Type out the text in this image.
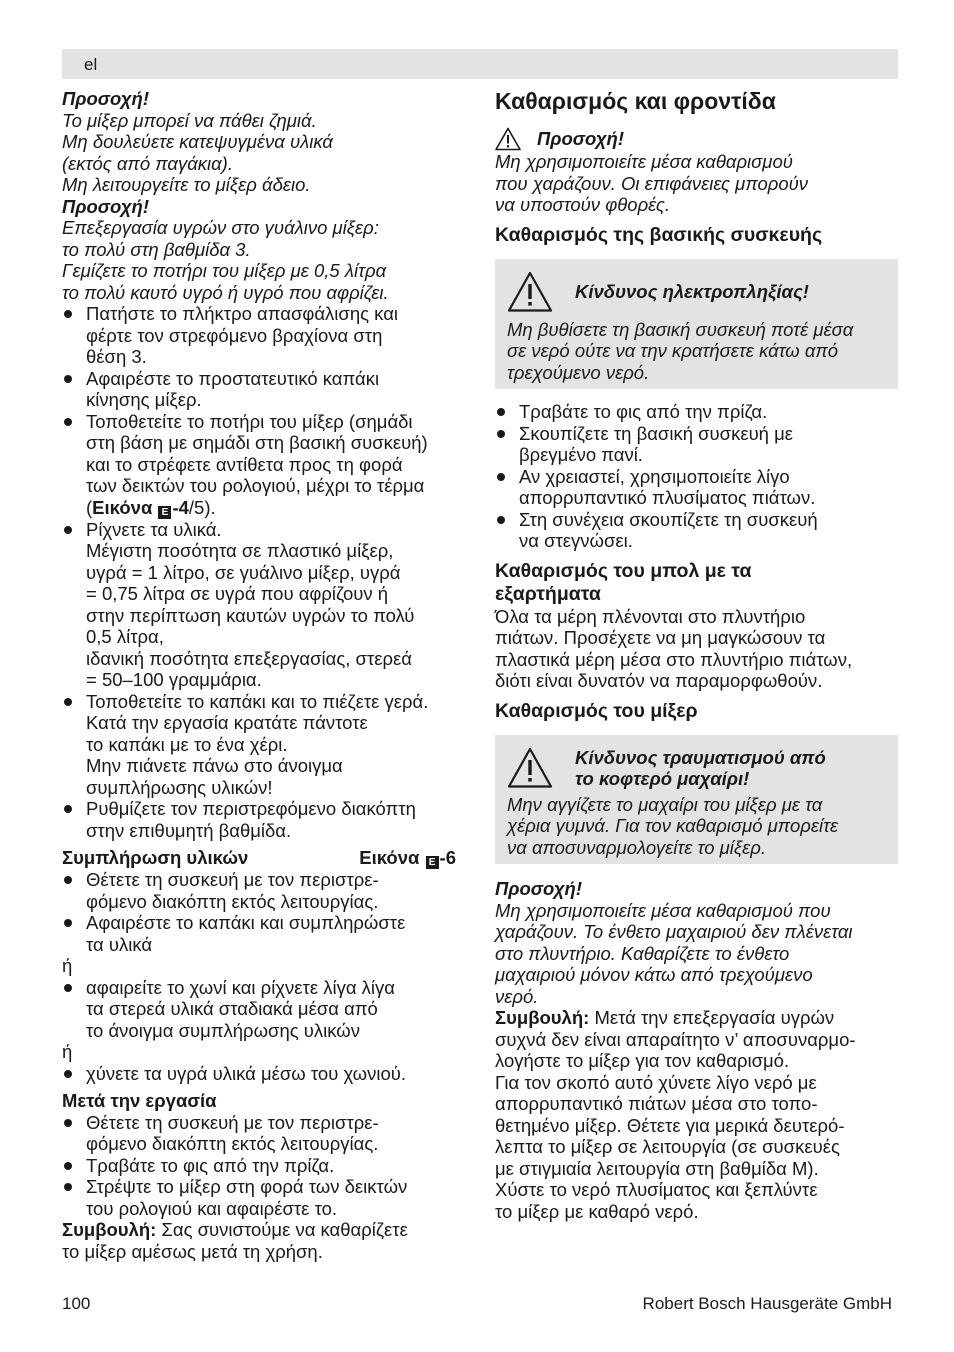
el

Προσοχή!

Το μίξερ μπορεί να πάθει ζημιά.
Μη δουλεύετε κατεψυγμένα υλικά
(εκτός από παγάκια).
Μη λειτουργείτε το μίξερ άδειο.

Προσοχή!

Επεξεργασία υγρών στο γυάλινο μίξερ:
το πολύ στη βαθμίδα 3.
Γεμίζετε το ποτήρι του μίξερ με 0,5 λίτρα
το πολύ καυτό υγρό ή υγρό που αφρίζει.

Πατήστε το πλήκτρο απασφάλισης και
φέρτε τον στρεφόμενο βραχίονα στη
θέση 3.
Αφαιρέστε το προστατευτικό καπάκι
κίνησης μίξερ.
Τοποθετείτε το ποτήρι του μίξερ (σημάδι
στη βάση με σημάδι στη βασική συσκευή)
και το στρέφετε αντίθετα προς τη φορά
των δεικτών του ρολογιού, μέχρι το τέρμα
(Εικόνα E -4/5).
Ρίχνετε τα υλικά.
Μέγιστη ποσότητα σε πλαστικό μίξερ,
υγρά = 1 λίτρο, σε γυάλινο μίξερ, υγρά
= 0,75 λίτρα σε υγρά που αφρίζουν ή
στην περίπτωση καυτών υγρών το πολύ
0,5 λίτρα,
ιδανική ποσότητα επεξεργασίας, στερεά
= 50–100 γραμμάρια.
Τοποθετείτε το καπάκι και το πιέζετε γερά.
Κατά την εργασία κρατάτε πάντοτε
το καπάκι με το ένα χέρι.
Μην πιάνετε πάνω στο άνοιγμα
συμπλήρωσης υλικών!
Ρυθμίζετε τον περιστρεφόμενο διακόπτη
στην επιθυμητή βαθμίδα.
Συμπλήρωση υλικών	Εικόνα E -6
Θέτετε τη συσκευή με τον περιστρε-
φόμενο διακόπτη εκτός λειτουργίας.
Αφαιρέστε το καπάκι και συμπληρώστε
τα υλικά

ή

αφαιρείτε το χωνί και ρίχνετε λίγα λίγα
τα στερεά υλικά σταδιακά μέσα από
το άνοιγμα συμπλήρωσης υλικών

ή

χύνετε τα υγρά υλικά μέσω του χωνιού.

Μετά την εργασία

Θέτετε τη συσκευή με τον περιστρε-
φόμενο διακόπτη εκτός λειτουργίας.
Τραβάτε το φις από την πρίζα.
Στρέψτε το μίξερ στη φορά των δεικτών
του ρολογιού και αφαιρέστε το.

Συμβουλή: Σας συνιστούμε να καθαρίζετε
το μίξερ αμέσως μετά τη χρήση.

Καθαρισμός και φροντίδα

Προσοχή!

Μη χρησιμοποιείτε μέσα καθαρισμού
που χαράζουν. Οι επιφάνειες μπορούν
να υποστούν φθορές.

Καθαρισμός της βασικής συσκευής

Κίνδυνος ηλεκτροπληξίας!

Μη βυθίσετε τη βασική συσκευή ποτέ μέσα
σε νερό ούτε να την κρατήσετε κάτω από
τρεχούμενο νερό.

Τραβάτε το φις από την πρίζα.
Σκουπίζετε τη βασική συσκευή με
βρεγμένο πανί.
Αν χρειαστεί, χρησιμοποιείτε λίγο
απορρυπαντικό πλυσίματος πιάτων.
Στη συνέχεια σκουπίζετε τη συσκευή
να στεγνώσει.

Καθαρισμός του μπολ με τα
εξαρτήματα

Όλα τα μέρη πλένονται στο πλυντήριο
πιάτων. Προσέχετε να μη μαγκώσουν τα
πλαστικά μέρη μέσα στο πλυντήριο πιάτων,
διότι είναι δυνατόν να παραμορφωθούν.

Καθαρισμός του μίξερ

Κίνδυνος τραυματισμού από
το κοφτερό μαχαίρι!

Μην αγγίζετε το μαχαίρι του μίξερ με τα
χέρια γυμνά. Για τον καθαρισμό μπορείτε
να αποσυναρμολογείτε το μίξερ.

Προσοχή!

Μη χρησιμοποιείτε μέσα καθαρισμού που
χαράζουν. Το ένθετο μαχαιριού δεν πλένεται
στο πλυντήριο. Καθαρίζετε το ένθετο
μαχαιριού μόνον κάτω από τρεχούμενο
νερό.

Συμβουλή: Μετά την επεξεργασία υγρών
συχνά δεν είναι απαραίτητο ν’ αποσυναρμο-
λογήστε το μίξερ για τον καθαρισμό.
Για τον σκοπό αυτό χύνετε λίγο νερό με
απορρυπαντικό πιάτων μέσα στο τοπο-
θετημένο μίξερ. Θέτετε για μερικά δευτερό-
λεπτα το μίξερ σε λειτουργία (σε συσκευές
με στιγμιαία λειτουργία στη βαθμίδα M).
Χύστε το νερό πλυσίματος και ξεπλύντε
το μίξερ με καθαρό νερό.

100	Robert Bosch Hausgeräte GmbH
